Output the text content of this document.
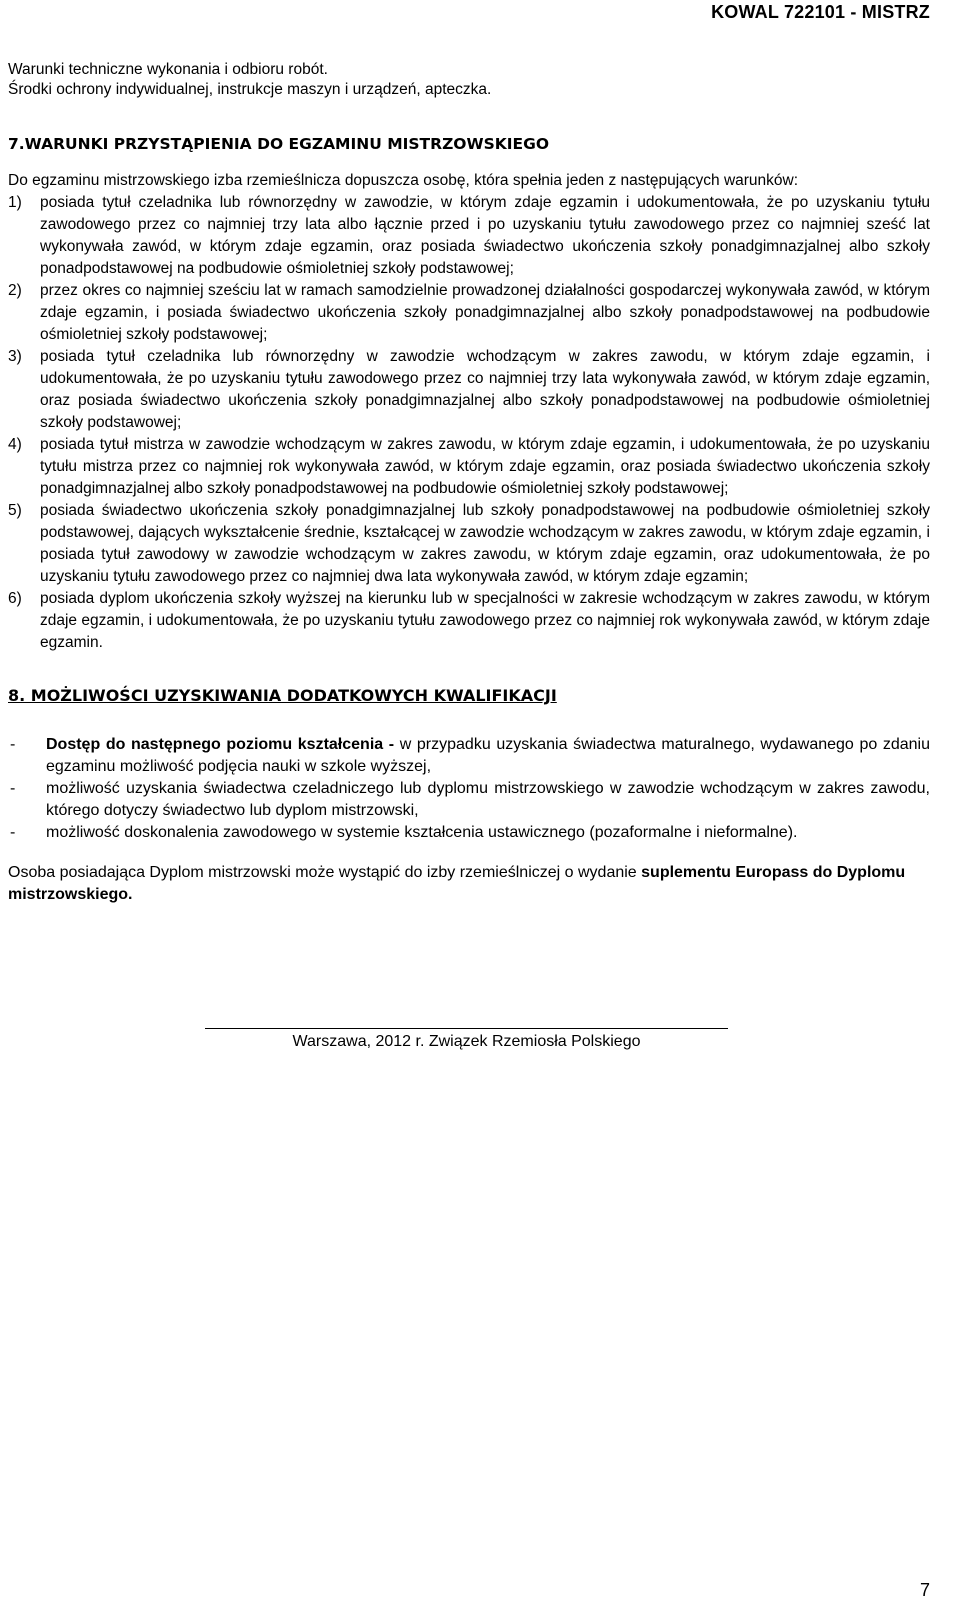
KOWAL 722101 - MISTRZ

Warunki techniczne wykonania i odbioru robót.

Środki ochrony indywidualnej, instrukcje maszyn i urządzeń, apteczka.

7.WARUNKI PRZYSTĄPIENIA DO EGZAMINU MISTRZOWSKIEGO

Do egzaminu mistrzowskiego izba rzemieślnicza dopuszcza osobę, która spełnia jeden z następujących warunków:

1)	posiada tytuł czeladnika lub równorzędny w zawodzie, w którym zdaje egzamin i udokumentowała, że po uzyskaniu tytułu zawodowego przez co najmniej trzy lata albo łącznie przed i po uzyskaniu tytułu zawodowego przez co najmniej sześć lat wykonywała zawód, w którym zdaje egzamin, oraz posiada świadectwo ukończenia szkoły ponadgimnazjalnej albo szkoły ponadpodstawowej na podbudowie ośmioletniej szkoły podstawowej;
2)	przez okres co najmniej sześciu lat w ramach samodzielnie prowadzonej działalności gospodarczej wykonywała zawód, w którym zdaje egzamin, i posiada świadectwo ukończenia szkoły ponadgimnazjalnej albo szkoły ponadpodstawowej na podbudowie ośmioletniej szkoły podstawowej;
3)	posiada tytuł czeladnika lub równorzędny w zawodzie wchodzącym w zakres zawodu, w którym zdaje egzamin, i udokumentowała, że po uzyskaniu tytułu zawodowego przez co najmniej trzy lata wykonywała zawód, w którym zdaje egzamin, oraz posiada świadectwo ukończenia szkoły ponadgimnazjalnej albo szkoły ponadpodstawowej na podbudowie ośmioletniej szkoły podstawowej;
4)	posiada tytuł mistrza w zawodzie wchodzącym w zakres zawodu, w którym zdaje egzamin, i udokumentowała, że po uzyskaniu tytułu mistrza przez co najmniej rok wykonywała zawód, w którym zdaje egzamin, oraz posiada świadectwo ukończenia szkoły ponadgimnazjalnej albo szkoły ponadpodstawowej na podbudowie ośmioletniej szkoły podstawowej;
5)	posiada świadectwo ukończenia szkoły ponadgimnazjalnej lub szkoły ponadpodstawowej na podbudowie ośmioletniej szkoły podstawowej, dających wykształcenie średnie, kształcącej w zawodzie wchodzącym w zakres zawodu, w którym zdaje egzamin, i posiada tytuł zawodowy w zawodzie wchodzącym w zakres zawodu, w którym zdaje egzamin, oraz udokumentowała, że po uzyskaniu tytułu zawodowego przez co najmniej dwa lata wykonywała zawód, w którym zdaje egzamin;
6)	posiada dyplom ukończenia szkoły wyższej na kierunku lub w specjalności w zakresie wchodzącym w zakres zawodu, w którym zdaje egzamin, i udokumentowała, że po uzyskaniu tytułu zawodowego przez co najmniej rok wykonywała zawód, w którym zdaje egzamin.
8. MOŻLIWOŚCI UZYSKIWANIA DODATKOWYCH KWALIFIKACJI
-	Dostęp do następnego poziomu kształcenia - w przypadku uzyskania świadectwa maturalnego, wydawanego po zdaniu egzaminu możliwość podjęcia nauki w szkole wyższej,
-	możliwość uzyskania świadectwa czeladniczego lub dyplomu mistrzowskiego w zawodzie wchodzącym w zakres zawodu, którego dotyczy świadectwo lub dyplom mistrzowski,
-	możliwość doskonalenia zawodowego w systemie kształcenia ustawicznego (pozaformalne i nieformalne).

Osoba posiadająca Dyplom mistrzowski może wystąpić do izby rzemieślniczej o wydanie suplementu Europass do Dyplomu mistrzowskiego.

Warszawa, 2012 r. Związek Rzemiosła Polskiego
7
